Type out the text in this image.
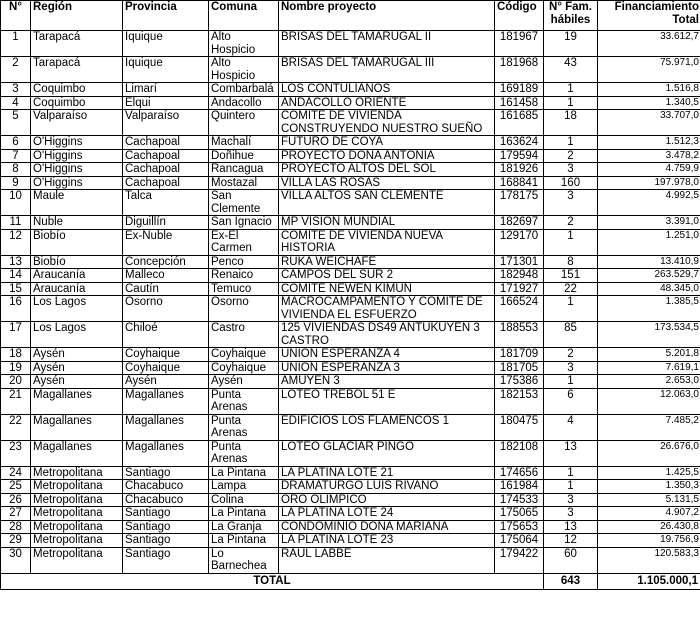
N°	Región	Provincia	Comuna	Nombre proyecto	Código	N° Fam. hábiles	Financiamiento Total
1	Tarapacá	Iquique	Alto Hospicio	BRISAS DEL TAMARUGAL II	181967	19	33.612,7
2	Tarapacá	Iquique	Alto Hospicio	BRISAS DEL TAMARUGAL III	181968	43	75.971,0
3	Coquimbo	Limarí	Combarbalá	LOS CONTULIANOS	169189	1	1.516,8
4	Coquimbo	Elqui	Andacollo	ANDACOLLO ORIENTE	161458	1	1.340,5
5	Valparaíso	Valparaíso	Quintero	COMITÉ DE VIVIENDA CONSTRUYENDO NUESTRO SUEÑO	161685	18	33.707,0
6	O'Higgins	Cachapoal	Machalí	FUTURO DE COYA	163624	1	1.512,3
7	O'Higgins	Cachapoal	Doñihue	PROYECTO DOÑA ANTONIA	179594	2	3.478,2
8	O'Higgins	Cachapoal	Rancagua	PROYECTO ALTOS DEL SOL	181926	3	4.759,9
9	O'Higgins	Cachapoal	Mostazal	VILLA LAS ROSAS	168841	160	197.978,0
10	Maule	Talca	San Clemente	VILLA ALTOS SAN CLEMENTE	178175	3	4.992,5
11	Ñuble	Diguillín	San Ignacio	MP VISIÓN MUNDIAL	182697	2	3.391,0
12	Biobío	Ex-Nuble	Ex-El Carmen	COMITÉ DE VIVIENDA NUEVA HISTORIA	129170	1	1.251,0
13	Biobío	Concepción	Penco	RUKA WEICHAFE	171301	8	13.410,9
14	Araucanía	Malleco	Renaico	CAMPOS DEL SUR 2	182948	151	263.529,7
15	Araucanía	Cautín	Temuco	COMITE NEWEN KIMUN	171927	22	48.345,0
16	Los Lagos	Osorno	Osorno	MACROCAMPAMENTO Y COMITE DE VIVIENDA EL ESFUERZO	166524	1	1.385,5
17	Los Lagos	Chiloé	Castro	125 VIVIENDAS DS49 ANTUKUYEN 3 CASTRO	188553	85	173.534,5
18	Aysén	Coyhaique	Coyhaique	UNION ESPERANZA 4	181709	2	5.201,8
19	Aysén	Coyhaique	Coyhaique	UNION ESPERANZA 3	181705	3	7.619,1
20	Aysén	Aysén	Aysén	AMUYEN 3	175386	1	2.653,0
21	Magallanes	Magallanes	Punta Arenas	LOTEO TREBOL 51 E	182153	6	12.063,0
22	Magallanes	Magallanes	Punta Arenas	EDIFICIOS LOS FLAMENCOS 1	180475	4	7.485,2
23	Magallanes	Magallanes	Punta Arenas	LOTEO GLACIAR PINGO	182108	13	26.676,0
24	Metropolitana	Santiago	La Pintana	LA PLATINA LOTE 21	174656	1	1.425,5
25	Metropolitana	Chacabuco	Lampa	DRAMATURGO LUIS RIVANO	161984	1	1.350,3
26	Metropolitana	Chacabuco	Colina	ORO OLIMPICO	174533	3	5.131,5
27	Metropolitana	Santiago	La Pintana	LA PLATINA LOTE 24	175065	3	4.907,2
28	Metropolitana	Santiago	La Granja	CONDOMINIO DOÑA MARIANA	175653	13	26.430,8
29	Metropolitana	Santiago	La Pintana	LA PLATINA LOTE 23	175064	12	19.756,9
30	Metropolitana	Santiago	Lo Barnechea	RAUL LABBE	179422	60	120.583,3
TOTAL						643	1.105.000,1
